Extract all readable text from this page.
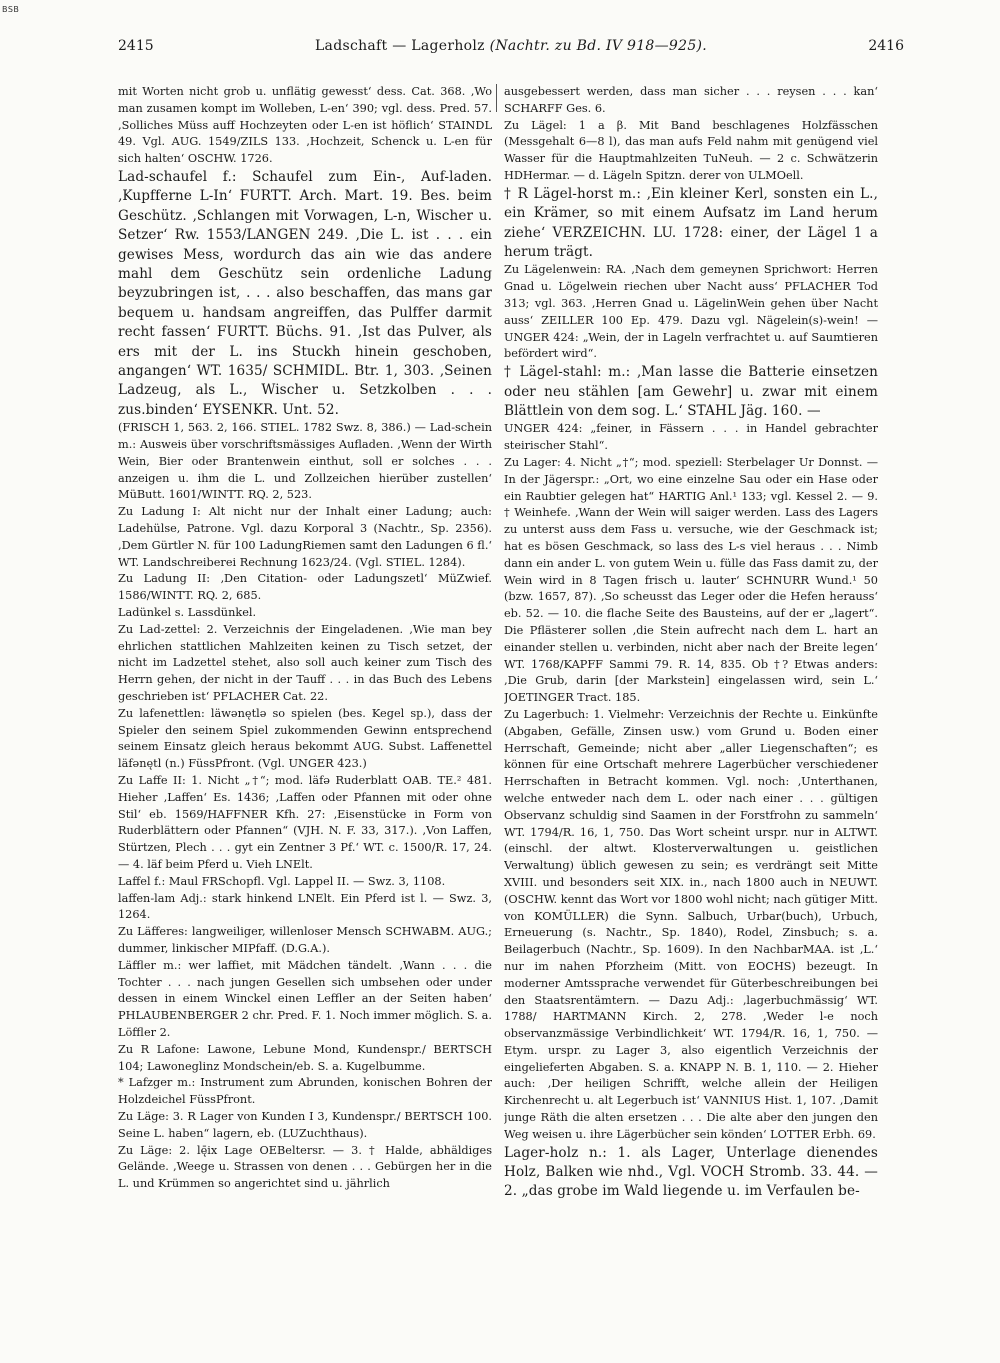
BSB
2415	Ladschaft — Lagerholz (Nachtr. zu Bd. IV 918—925).	2416

mit Worten nicht grob u. unflätig gewesst‘ dess. Cat. 368. ‚Wo man zusamen kompt im Wolleben, L-en‘ 390; vgl. dess. Pred. 57. ‚Solliches Müss auff Hochzeyten oder L-en ist höflich‘ STAINDL 49. Vgl. AUG. 1549/ZILS 133. ‚Hochzeit, Schenck u. L-en für sich halten‘ OSCHW. 1726.

Lad-schaufel f.: Schaufel zum Ein-, Auf-laden. ‚Kupfferne L-In‘ FURTT. Arch. Mart. 19. Bes. beim Geschütz. ‚Schlangen mit Vorwagen, L-n, Wischer u. Setzer‘ Rw. 1553/LANGEN 249. ‚Die L. ist . . . ein gewises Mess, wordurch das ain wie das andere mahl dem Geschütz sein ordenliche Ladung beyzubringen ist, . . . also beschaffen, das mans gar bequem u. handsam angreiffen, das Pulffer darmit recht fassen‘ FURTT. Büchs. 91. ‚Ist das Pulver, als ers mit der L. ins Stuckh hinein geschoben, angangen‘ WT. 1635/ SCHMIDL. Btr. 1, 303. ‚Seinen Ladzeug, als L., Wischer u. Setzkolben . . . zus.binden‘ EYSENKR. Unt. 52.

(FRISCH 1, 563. 2, 166. STIEL. 1782 Swz. 8, 386.) — Lad-schein m.: Ausweis über vorschriftsmässiges Aufladen. ‚Wenn der Wirth Wein, Bier oder Brantenwein einthut, soll er solches . . . anzeigen u. ihm die L. und Zollzeichen hierüber zustellen‘ MüButt. 1601/WINTT. RQ. 2, 523.

Zu Ladung I: Alt nicht nur der Inhalt einer Ladung; auch: Ladehülse, Patrone. Vgl. dazu Korporal 3 (Nachtr., Sp. 2356). ‚Dem Gürtler N. für 100 LadungRiemen samt den Ladungen 6 fl.‘ WT. Landschreiberei Rechnung 1623/24. (Vgl. STIEL. 1284).

Zu Ladung II: ‚Den Citation- oder Ladungszetl‘ MüZwief. 1586/WINTT. RQ. 2, 685.

Ladünkel s. Lassdünkel.

Zu Lad-zettel: 2. Verzeichnis der Eingeladenen. ‚Wie man bey ehrlichen stattlichen Mahlzeiten keinen zu Tisch setzet, der nicht im Ladzettel stehet, also soll auch keiner zum Tisch des Herrn gehen, der nicht in der Tauff . . . in das Buch des Lebens geschrieben ist‘ PFLACHER Cat. 22.

Zu lafenettlen: läwənętlə so spielen (bes. Kegel sp.), dass der Spieler den seinem Spiel zukommenden Gewinn entsprechend seinem Einsatz gleich heraus bekommt AUG. Subst. Laffenettel läfənętl (n.) FüssPfront. (Vgl. UNGER 423.)

Zu Laffe II: 1. Nicht „†“; mod. läfə Ruderblatt OAB. TE.² 481. Hieher ‚Laffen‘ Es. 1436; ‚Laffen oder Pfannen mit oder ohne Stil‘ eb. 1569/HAFFNER Kfh. 27: ‚Eisenstücke in Form von Ruderblättern oder Pfannen“ (VJH. N. F. 33, 317.). ‚Von Laffen, Stürtzen, Plech . . . gyt ein Zentner 3 Pf.‘ WT. c. 1500/R. 17, 24. — 4. läf beim Pferd u. Vieh LNElt.

Laffel f.: Maul FRSchopfl. Vgl. Lappel II. — Swz. 3, 1108.

laffen-lam Adj.: stark hinkend LNElt. Ein Pferd ist l. — Swz. 3, 1264.

Zu Läfferes: langweiliger, willenloser Mensch SCHWABM. AUG.; dummer, linkischer MIPfaff. (D.G.A.).

Läffler m.: wer laffiet, mit Mädchen tändelt. ‚Wann . . . die Tochter . . . nach jungen Gesellen sich umbsehen oder under dessen in einem Winckel einen Leffler an der Seiten haben‘ PHLAUBENBERGER 2 chr. Pred. F. 1. Noch immer möglich. S. a. Löffler 2.

Zu R Lafone: Lawone, Lebune Mond, Kundenspr./ BERTSCH 104; Lawoneglinz Mondschein/eb. S. a. Kugelbumme.

* Lafzger m.: Instrument zum Abrunden, konischen Bohren der Holzdeichel FüssPfront.

Zu Läge: 3. R Lager von Kunden I 3, Kundenspr./ BERTSCH 100. Seine L. haben“ lagern, eb. (LUZuchthaus).

Zu Läge: 2. lę̄ix Lage OEBeltersr. — 3. † Halde, abhäldiges Gelände. ‚Weege u. Strassen von denen . . . Gebürgen her in die L. und Krümmen so angerichtet sind u. jährlich

ausgebessert werden, dass man sicher . . . reysen . . . kan‘ SCHARFF Ges. 6.

Zu Lägel: 1 a β. Mit Band beschlagenes Holzfässchen (Messgehalt 6—8 l), das man aufs Feld nahm mit genügend viel Wasser für die Hauptmahlzeiten TuNeuh. — 2 c. Schwätzerin HDHermar. — d. Lägeln Spitzn. derer von ULMOell.

† R Lägel-horst m.: ‚Ein kleiner Kerl, sonsten ein L., ein Krämer, so mit einem Aufsatz im Land herum ziehe‘ VERZEICHN. LU. 1728: einer, der Lägel 1 a herum trägt.

Zu Lägelenwein: RA. ‚Nach dem gemeynen Sprichwort: Herren Gnad u. Lögelwein riechen uber Nacht auss‘ PFLACHER Tod 313; vgl. 363. ‚Herren Gnad u. LägelinWein gehen über Nacht auss‘ ZEILLER 100 Ep. 479. Dazu vgl. Nägelein(s)-wein! — UNGER 424: „Wein, der in Lageln verfrachtet u. auf Saumtieren befördert wird“.

† Lägel-stahl: m.: ‚Man lasse die Batterie einsetzen oder neu stählen [am Gewehr] u. zwar mit einem Blättlein von dem sog. L.‘ STAHL Jäg. 160. —

UNGER 424: „feiner, in Fässern . . . in Handel gebrachter steirischer Stahl“.

Zu Lager: 4. Nicht „†“; mod. speziell: Sterbelager Ur Donnst. — In der Jägerspr.: „Ort, wo eine einzelne Sau oder ein Hase oder ein Raubtier gelegen hat“ HARTIG Anl.¹ 133; vgl. Kessel 2. — 9. † Weinhefe. ‚Wann der Wein will saiger werden. Lass des Lagers zu unterst auss dem Fass u. versuche, wie der Geschmack ist; hat es bösen Geschmack, so lass des L-s viel heraus . . . Nimb dann ein ander L. von gutem Wein u. fülle das Fass damit zu, der Wein wird in 8 Tagen frisch u. lauter‘ SCHNURR Wund.¹ 50 (bzw. 1657, 87). ‚So scheusst das Leger oder die Hefen herauss‘ eb. 52. — 10. die flache Seite des Bausteins, auf der er „lagert“. Die Pflästerer sollen ‚die Stein aufrecht nach dem L. hart an einander stellen u. verbinden, nicht aber nach der Breite legen‘ WT. 1768/KAPFF Sammi 79. R. 14, 835. Ob †? Etwas anders: ‚Die Grub, darin [der Markstein] eingelassen wird, sein L.‘ JOETINGER Tract. 185.

Zu Lagerbuch: 1. Vielmehr: Verzeichnis der Rechte u. Einkünfte (Abgaben, Gefälle, Zinsen usw.) vom Grund u. Boden einer Herrschaft, Gemeinde; nicht aber „aller Liegenschaften“; es können für eine Ortschaft mehrere Lagerbücher verschiedener Herrschaften in Betracht kommen. Vgl. noch: ‚Unterthanen, welche entweder nach dem L. oder nach einer . . . gültigen Observanz schuldig sind Saamen in der Forstfrohn zu sammeln‘ WT. 1794/R. 16, 1, 750. Das Wort scheint urspr. nur in ALTWT. (einschl. der altwt. Klosterverwaltungen u. geistlichen Verwaltung) üblich gewesen zu sein; es verdrängt seit Mitte XVIII. und besonders seit XIX. in., nach 1800 auch in NEUWT. (OSCHW. kennt das Wort vor 1800 wohl nicht; nach gütiger Mitt. von KOMÜLLER) die Synn. Salbuch, Urbar(buch), Urbuch, Erneuerung (s. Nachtr., Sp. 1840), Rodel, Zinsbuch; s. a. Beilagerbuch (Nachtr., Sp. 1609). In den NachbarMAA. ist ‚L.‘ nur im nahen Pforzheim (Mitt. von EOCHS) bezeugt. In moderner Amtssprache verwendet für Güterbeschreibungen bei den Staatsrentämtern. — Dazu Adj.: ‚lagerbuchmässig‘ WT. 1788/ HARTMANN Kirch. 2, 278. ‚Weder l-e noch observanzmässige Verbindlichkeit‘ WT. 1794/R. 16, 1, 750. — Etym. urspr. zu Lager 3, also eigentlich Verzeichnis der eingelieferten Abgaben. S. a. KNAPP N. B. 1, 110. — 2. Hieher auch: ‚Der heiligen Schrifft, welche allein der Heiligen Kirchenrecht u. alt Legerbuch ist‘ VANNIUS Hist. 1, 107. ‚Damit junge Räth die alten ersetzen . . . Die alte aber den jungen den Weg weisen u. ihre Lägerbücher sein könden‘ LOTTER Erbh. 69.

Lager-holz n.: 1. als Lager, Unterlage dienendes Holz, Balken wie nhd., Vgl. VOCH Stromb. 33. 44. — 2. „das grobe im Wald liegende u. im Verfaulen be-
